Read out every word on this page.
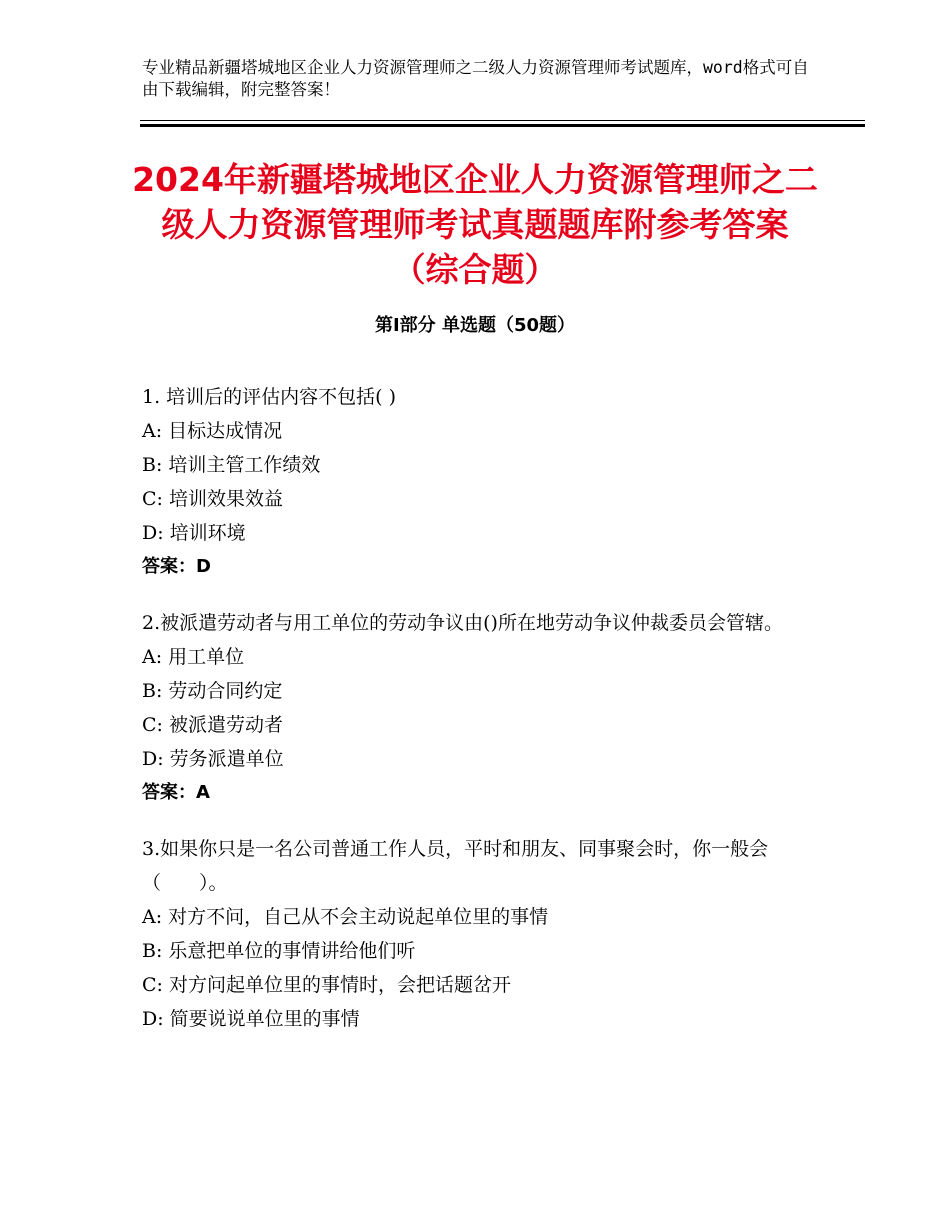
专业精品新疆塔城地区企业人力资源管理师之二级人力资源管理师考试题库，word格式可自由下载编辑，附完整答案！
2024年新疆塔城地区企业人力资源管理师之二级人力资源管理师考试真题题库附参考答案（综合题）
第Ⅰ部分 单选题（50题）
1. 培训后的评估内容不包括( )
A: 目标达成情况
B: 培训主管工作绩效
C: 培训效果效益
D: 培训环境
答案：D
2.被派遣劳动者与用工单位的劳动争议由()所在地劳动争议仲裁委员会管辖。
A: 用工单位
B: 劳动合同约定
C: 被派遣劳动者
D: 劳务派遣单位
答案：A
3.如果你只是一名公司普通工作人员，平时和朋友、同事聚会时，你一般会（　　）。
A: 对方不问，自己从不会主动说起单位里的事情
B: 乐意把单位的事情讲给他们听
C: 对方问起单位里的事情时，会把话题岔开
D: 简要说说单位里的事情
